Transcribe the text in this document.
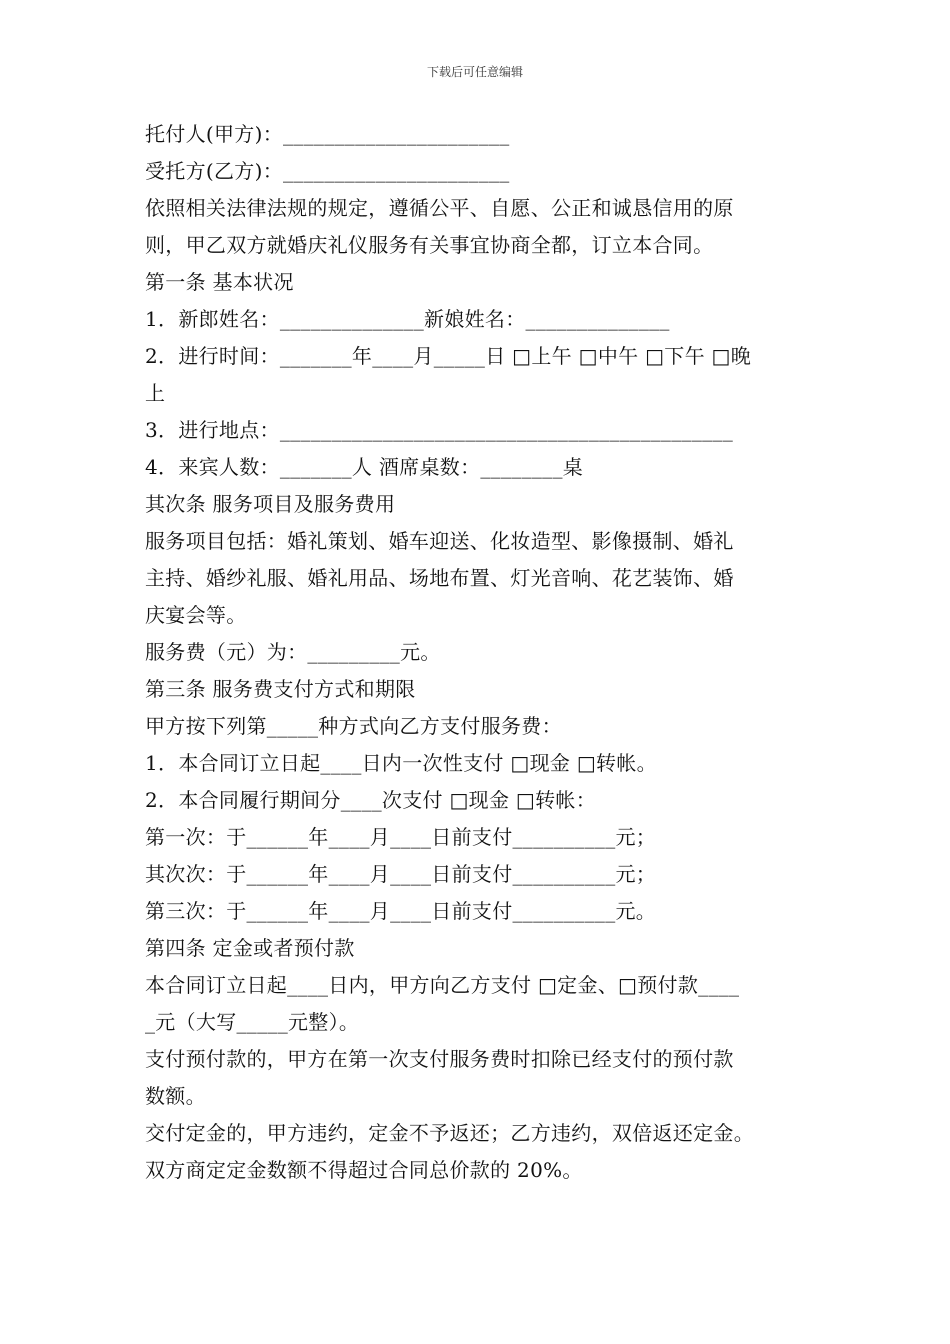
下载后可任意编辑
托付人(甲方)：______________________
受托方(乙方)：______________________
依照相关法律法规的规定，遵循公平、自愿、公正和诚恳信用的原
则，甲乙双方就婚庆礼仪服务有关事宜协商全都，订立本合同。
第一条 基本状况
1．新郎姓名：______________新娘姓名：______________
2．进行时间：_______年____月_____日 □上午 □中午 □下午 □晚
上
3．进行地点：____________________________________________
4．来宾人数：_______人 酒席桌数：________桌
其次条 服务项目及服务费用
服务项目包括：婚礼策划、婚车迎送、化妆造型、影像摄制、婚礼
主持、婚纱礼服、婚礼用品、场地布置、灯光音响、花艺装饰、婚
庆宴会等。
服务费（元）为：_________元。
第三条 服务费支付方式和期限
甲方按下列第_____种方式向乙方支付服务费：
1．本合同订立日起____日内一次性支付 □现金 □转帐。
2．本合同履行期间分____次支付 □现金 □转帐：
第一次：于______年____月____日前支付__________元；
其次次：于______年____月____日前支付__________元；
第三次：于______年____月____日前支付__________元。
第四条 定金或者预付款
本合同订立日起____日内，甲方向乙方支付 □定金、□预付款____
_元（大写_____元整）。
支付预付款的，甲方在第一次支付服务费时扣除已经支付的预付款
数额。
交付定金的，甲方违约，定金不予返还；乙方违约，双倍返还定金。
双方商定定金数额不得超过合同总价款的 20%。
